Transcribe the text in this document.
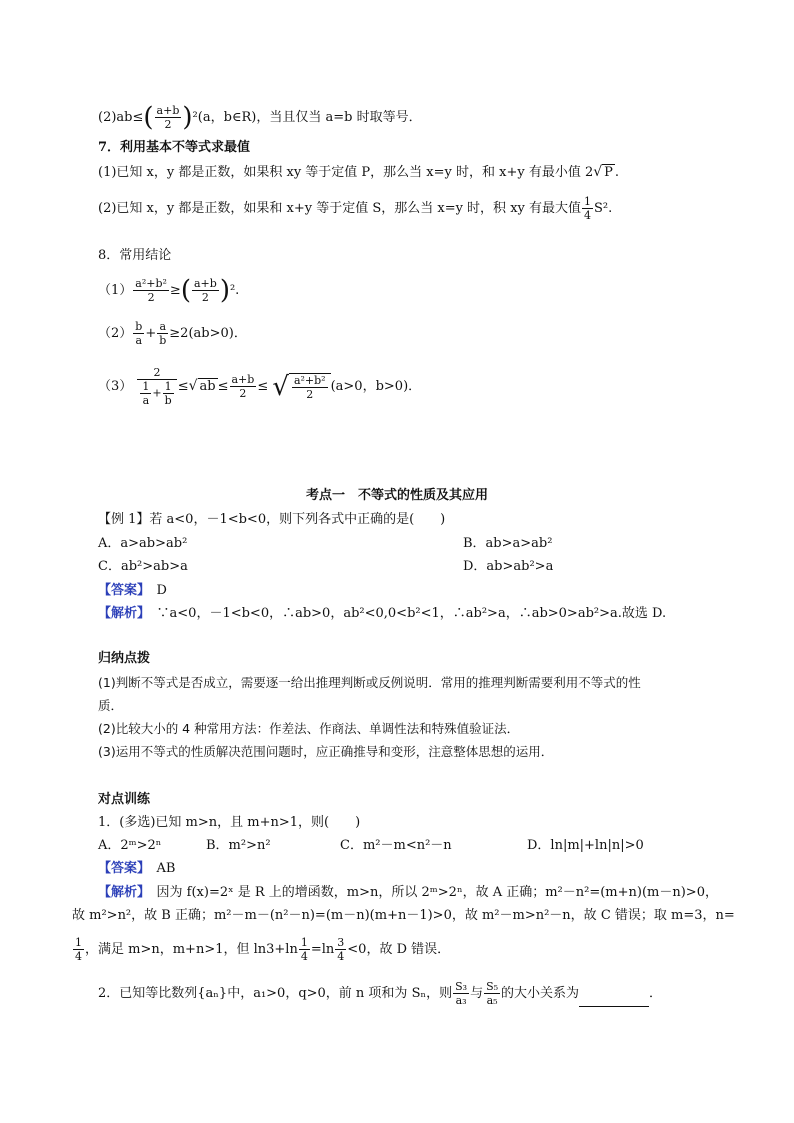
$(2)ab\le( \frac{a+b}{2} )^2(a$，b∈R)，当且仅当 a=b 时取等号．
7．利用基本不等式求最值
(1)已知 x，y 都是正数，如果积 xy 等于定值 P，那么当 x=y 时，和 x+y 有最小值 2√ P .
(2)已知 x，y 都是正数，如果和 x+y 等于定值 S，那么当 x=y 时，积 xy 有最大值 $\frac{1}{4} S^2$.
8．常用结论
$(1) \frac{\text{a²+b²}}{2}$ ≥( $\frac{a+b}{2} )^2$.
$(2) \frac{b}{a} + \frac{a}{b} \ge 2(ab>0)$．
$(3) \frac{2}{\frac{1}{a} + \frac{1}{b}}$ ≤√ ab ≤ $\frac{a+b}{2}$ ≤ √ $\frac{\text{a²+b²}}{2} (a>0$，b>0)．
考点一　不等式的性质及其应用
【例 1】若 a<0，－1<b<0，则下列各式中正确的是(　　)
A．a>ab>ab²	B．ab>a>ab²
C．ab²>ab>a	D．ab>ab²>a
【答案】　 D
【解析】　 ∵a<0，－1<b<0，∴ab>0，ab²<0,0<b²<1，∴ab²>a，∴ab>0>ab²>a.故选 D.
归纳点拨
(1)判断不等式是否成立，需要逐一给出推理判断或反例说明．常用的推理判断需要利用不等式的性
质．
(2)比较大小的 4 种常用方法：作差法、作商法、单调性法和特殊值验证法．
(3)运用不等式的性质解决范围问题时，应正确推导和变形，注意整体思想的运用．
对点训练
1．(多选)已知 m>n，且 m+n>1，则(　　)
A．2ᵐ>2ⁿ	B．m²>n²	C．m²－m<n²－n	D．ln|m|+ln|n|>0
【答案】　 AB
【解析】　 因为 f(x)=2ˣ 是 R 上的增函数，m>n，所以 2ᵐ>2ⁿ，故 A 正确；m²－n²=(m+n)(m－n)>0，
故 m²>n²，故 B 正确；m²－m－(n²－n)=(m－n)(m+n－1)>0，故 m²－m>n²－n，故 C 错误；取 m=3，n=
$\frac{1}{4}$ ，满足 m>n，m+n>1，但 $\ln 3+\ln \frac{1}{4} =\ln \frac{3}{4} <0$，故 D 错误．
2．已知等比数列{aₙ}中，a₁>0，q>0，前 n 项和为 Sₙ，则 $\frac{\text{S₃}}{\text{a₃}}$ 与 $\frac{\text{S₅}}{\text{a₅}}$ 的大小关系为	．
